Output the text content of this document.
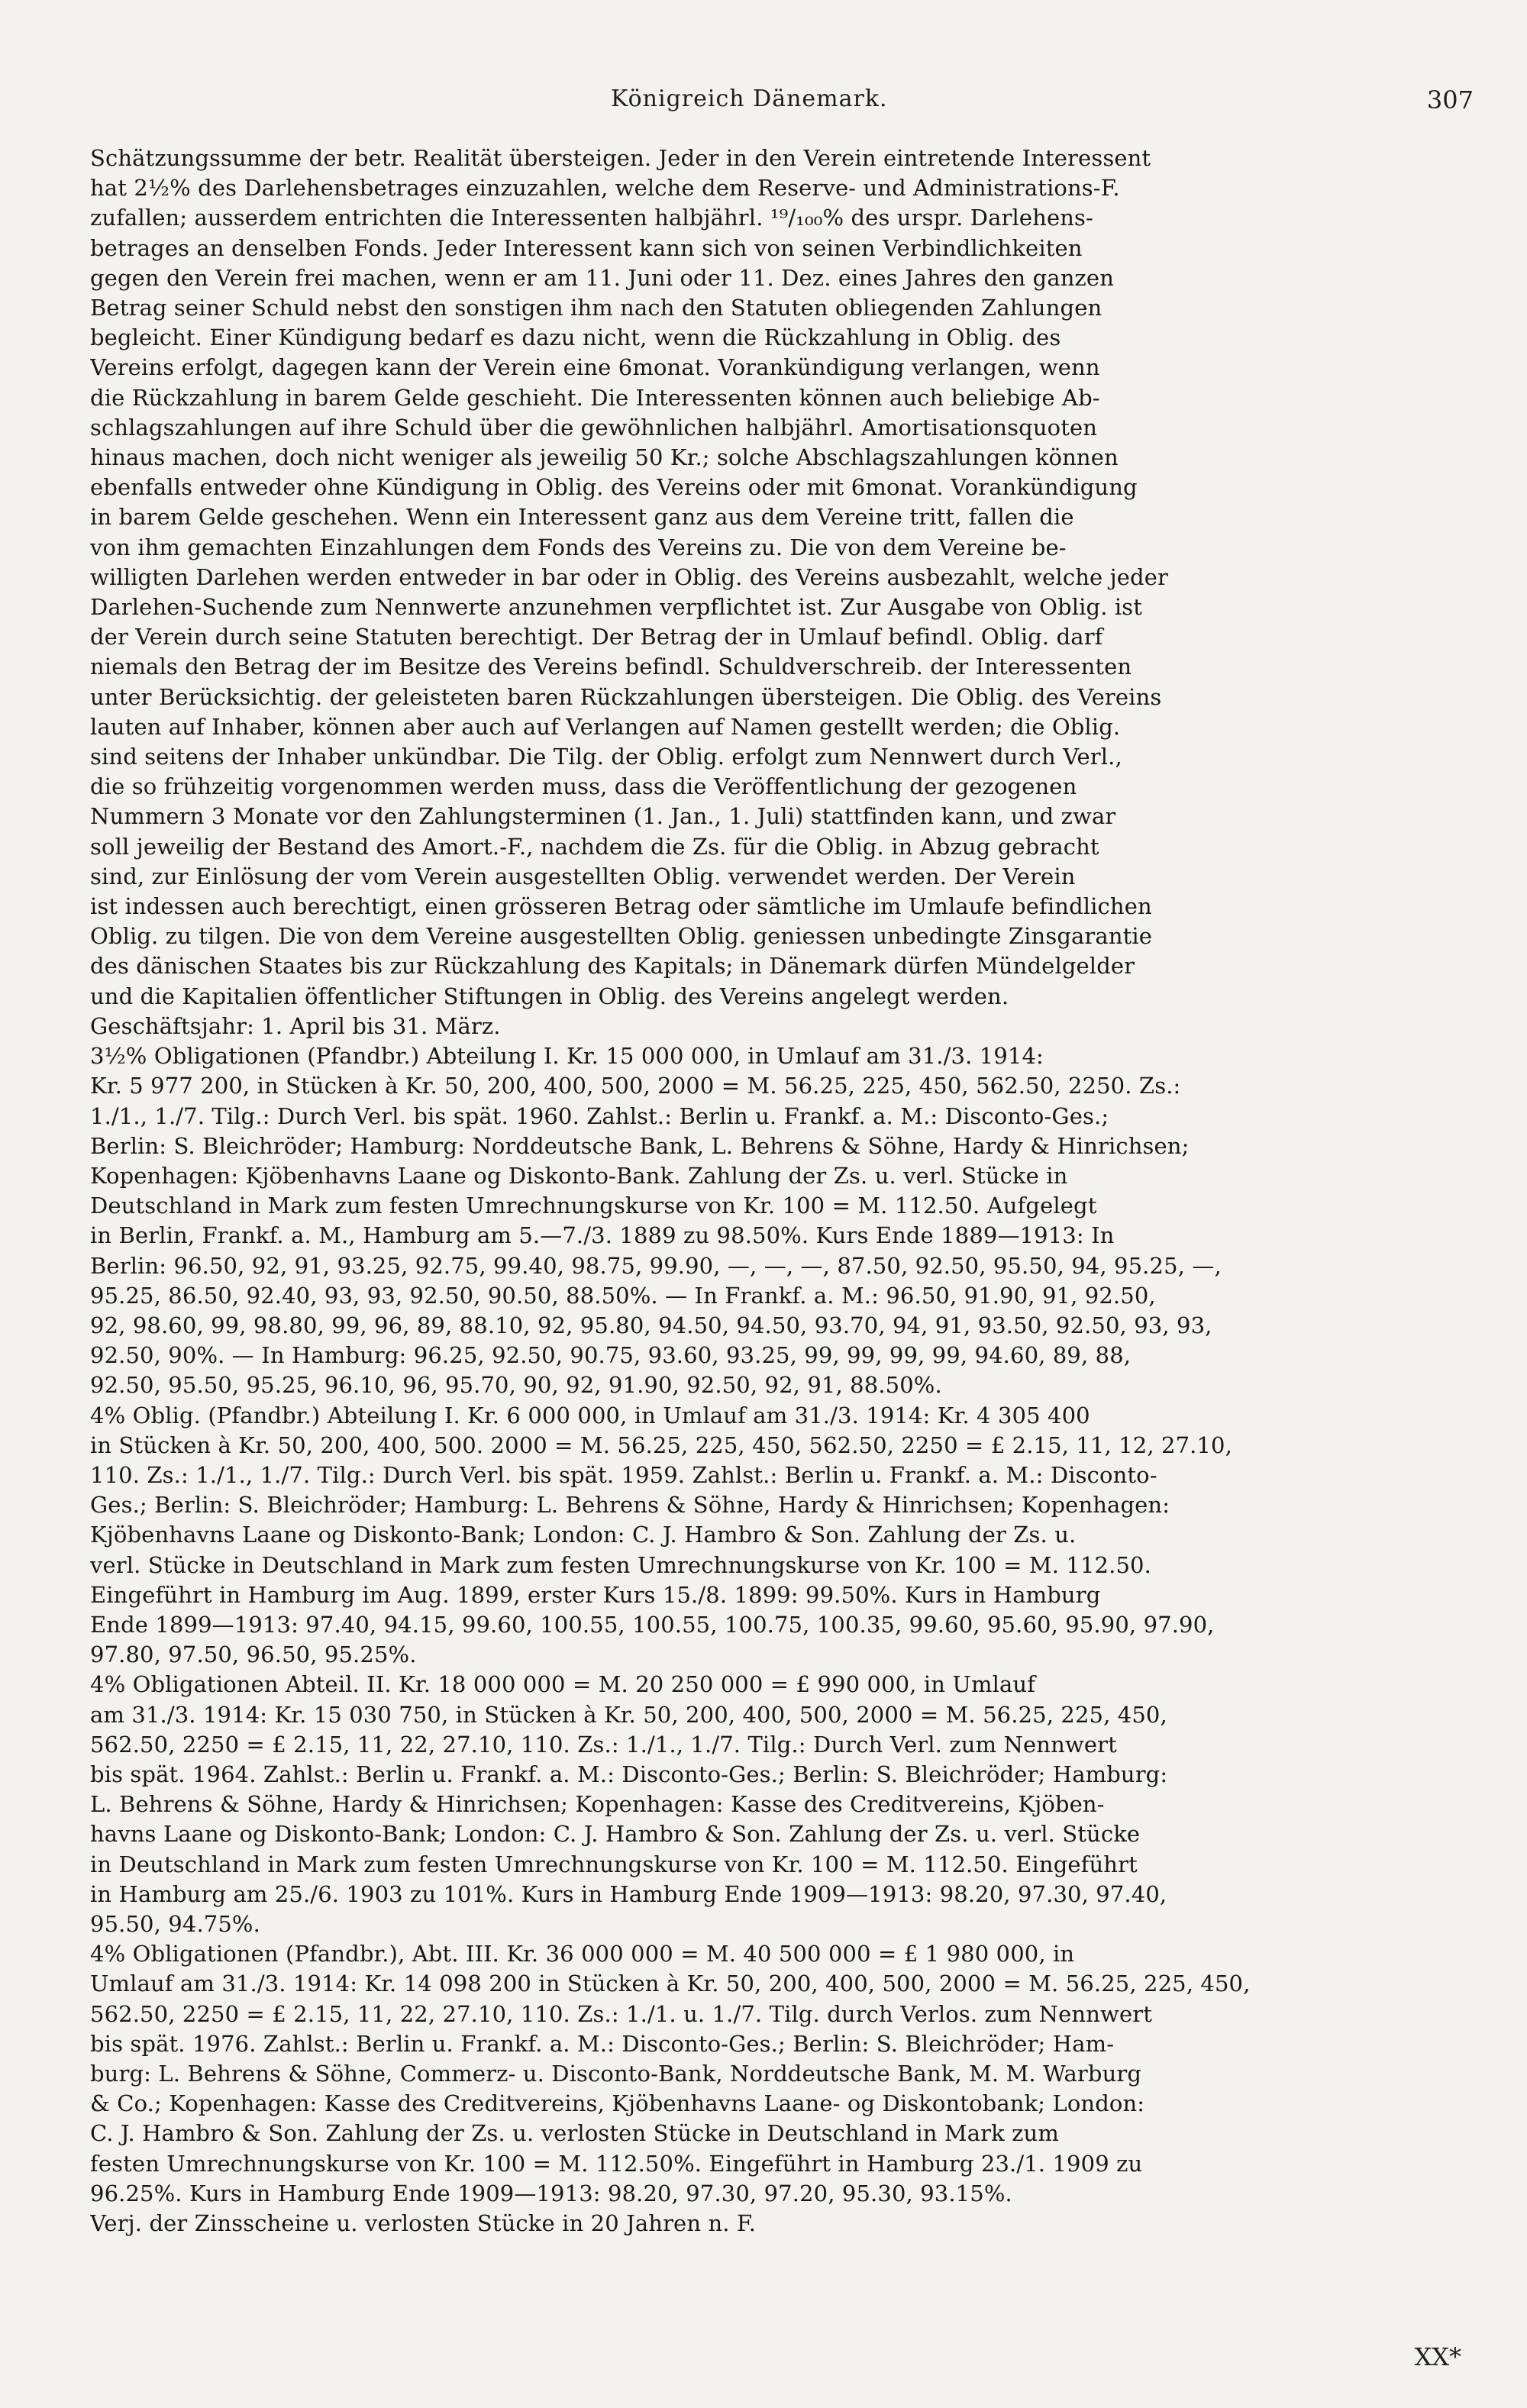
Königreich Dänemark.	307
Schätzungssumme der betr. Realität übersteigen. Jeder in den Verein eintretende Interessent
hat 2½% des Darlehensbetrages einzuzahlen, welche dem Reserve- und Administrations-F.
zufallen; ausserdem entrichten die Interessenten halbjährl. ¹⁹/₁₀₀% des urspr. Darlehens-
betrages an denselben Fonds. Jeder Interessent kann sich von seinen Verbindlichkeiten
gegen den Verein frei machen, wenn er am 11. Juni oder 11. Dez. eines Jahres den ganzen
Betrag seiner Schuld nebst den sonstigen ihm nach den Statuten obliegenden Zahlungen
begleicht. Einer Kündigung bedarf es dazu nicht, wenn die Rückzahlung in Oblig. des
Vereins erfolgt, dagegen kann der Verein eine 6monat. Vorankündigung verlangen, wenn
die Rückzahlung in barem Gelde geschieht. Die Interessenten können auch beliebige Ab-
schlagszahlungen auf ihre Schuld über die gewöhnlichen halbjährl. Amortisationsquoten
hinaus machen, doch nicht weniger als jeweilig 50 Kr.; solche Abschlagszahlungen können
ebenfalls entweder ohne Kündigung in Oblig. des Vereins oder mit 6monat. Vorankündigung
in barem Gelde geschehen. Wenn ein Interessent ganz aus dem Vereine tritt, fallen die
von ihm gemachten Einzahlungen dem Fonds des Vereins zu. Die von dem Vereine be-
willigten Darlehen werden entweder in bar oder in Oblig. des Vereins ausbezahlt, welche jeder
Darlehen-Suchende zum Nennwerte anzunehmen verpflichtet ist. Zur Ausgabe von Oblig. ist
der Verein durch seine Statuten berechtigt. Der Betrag der in Umlauf befindl. Oblig. darf
niemals den Betrag der im Besitze des Vereins befindl. Schuldverschreib. der Interessenten
unter Berücksichtig. der geleisteten baren Rückzahlungen übersteigen. Die Oblig. des Vereins
lauten auf Inhaber, können aber auch auf Verlangen auf Namen gestellt werden; die Oblig.
sind seitens der Inhaber unkündbar. Die Tilg. der Oblig. erfolgt zum Nennwert durch Verl.,
die so frühzeitig vorgenommen werden muss, dass die Veröffentlichung der gezogenen
Nummern 3 Monate vor den Zahlungsterminen (1. Jan., 1. Juli) stattfinden kann, und zwar
soll jeweilig der Bestand des Amort.-F., nachdem die Zs. für die Oblig. in Abzug gebracht
sind, zur Einlösung der vom Verein ausgestellten Oblig. verwendet werden. Der Verein
ist indessen auch berechtigt, einen grösseren Betrag oder sämtliche im Umlaufe befindlichen
Oblig. zu tilgen. Die von dem Vereine ausgestellten Oblig. geniessen unbedingte Zinsgarantie
des dänischen Staates bis zur Rückzahlung des Kapitals; in Dänemark dürfen Mündelgelder
und die Kapitalien öffentlicher Stiftungen in Oblig. des Vereins angelegt werden.
Geschäftsjahr: 1. April bis 31. März.
3½% Obligationen (Pfandbr.) Abteilung I. Kr. 15 000 000, in Umlauf am 31./3. 1914:
Kr. 5 977 200, in Stücken à Kr. 50, 200, 400, 500, 2000 = M. 56.25, 225, 450, 562.50, 2250. Zs.:
1./1., 1./7. Tilg.: Durch Verl. bis spät. 1960. Zahlst.: Berlin u. Frankf. a. M.: Disconto-Ges.;
Berlin: S. Bleichröder; Hamburg: Norddeutsche Bank, L. Behrens & Söhne, Hardy & Hinrichsen;
Kopenhagen: Kjöbenhavns Laane og Diskonto-Bank. Zahlung der Zs. u. verl. Stücke in
Deutschland in Mark zum festen Umrechnungskurse von Kr. 100 = M. 112.50. Aufgelegt
in Berlin, Frankf. a. M., Hamburg am 5.—7./3. 1889 zu 98.50%. Kurs Ende 1889—1913: In
Berlin: 96.50, 92, 91, 93.25, 92.75, 99.40, 98.75, 99.90, —, —, —, 87.50, 92.50, 95.50, 94, 95.25, —,
95.25, 86.50, 92.40, 93, 93, 92.50, 90.50, 88.50%. — In Frankf. a. M.: 96.50, 91.90, 91, 92.50,
92, 98.60, 99, 98.80, 99, 96, 89, 88.10, 92, 95.80, 94.50, 94.50, 93.70, 94, 91, 93.50, 92.50, 93, 93,
92.50, 90%. — In Hamburg: 96.25, 92.50, 90.75, 93.60, 93.25, 99, 99, 99, 99, 94.60, 89, 88,
92.50, 95.50, 95.25, 96.10, 96, 95.70, 90, 92, 91.90, 92.50, 92, 91, 88.50%.
4% Oblig. (Pfandbr.) Abteilung I. Kr. 6 000 000, in Umlauf am 31./3. 1914: Kr. 4 305 400
in Stücken à Kr. 50, 200, 400, 500. 2000 = M. 56.25, 225, 450, 562.50, 2250 = £ 2.15, 11, 12, 27.10,
110. Zs.: 1./1., 1./7. Tilg.: Durch Verl. bis spät. 1959. Zahlst.: Berlin u. Frankf. a. M.: Disconto-
Ges.; Berlin: S. Bleichröder; Hamburg: L. Behrens & Söhne, Hardy & Hinrichsen; Kopenhagen:
Kjöbenhavns Laane og Diskonto-Bank; London: C. J. Hambro & Son. Zahlung der Zs. u.
verl. Stücke in Deutschland in Mark zum festen Umrechnungskurse von Kr. 100 = M. 112.50.
Eingeführt in Hamburg im Aug. 1899, erster Kurs 15./8. 1899: 99.50%. Kurs in Hamburg
Ende 1899—1913: 97.40, 94.15, 99.60, 100.55, 100.55, 100.75, 100.35, 99.60, 95.60, 95.90, 97.90,
97.80, 97.50, 96.50, 95.25%.
4% Obligationen Abteil. II. Kr. 18 000 000 = M. 20 250 000 = £ 990 000, in Umlauf
am 31./3. 1914: Kr. 15 030 750, in Stücken à Kr. 50, 200, 400, 500, 2000 = M. 56.25, 225, 450,
562.50, 2250 = £ 2.15, 11, 22, 27.10, 110. Zs.: 1./1., 1./7. Tilg.: Durch Verl. zum Nennwert
bis spät. 1964. Zahlst.: Berlin u. Frankf. a. M.: Disconto-Ges.; Berlin: S. Bleichröder; Hamburg:
L. Behrens & Söhne, Hardy & Hinrichsen; Kopenhagen: Kasse des Creditvereins, Kjöben-
havns Laane og Diskonto-Bank; London: C. J. Hambro & Son. Zahlung der Zs. u. verl. Stücke
in Deutschland in Mark zum festen Umrechnungskurse von Kr. 100 = M. 112.50. Eingeführt
in Hamburg am 25./6. 1903 zu 101%. Kurs in Hamburg Ende 1909—1913: 98.20, 97.30, 97.40,
95.50, 94.75%.
4% Obligationen (Pfandbr.), Abt. III. Kr. 36 000 000 = M. 40 500 000 = £ 1 980 000, in
Umlauf am 31./3. 1914: Kr. 14 098 200 in Stücken à Kr. 50, 200, 400, 500, 2000 = M. 56.25, 225, 450,
562.50, 2250 = £ 2.15, 11, 22, 27.10, 110. Zs.: 1./1. u. 1./7. Tilg. durch Verlos. zum Nennwert
bis spät. 1976. Zahlst.: Berlin u. Frankf. a. M.: Disconto-Ges.; Berlin: S. Bleichröder; Ham-
burg: L. Behrens & Söhne, Commerz- u. Disconto-Bank, Norddeutsche Bank, M. M. Warburg
& Co.; Kopenhagen: Kasse des Creditvereins, Kjöbenhavns Laane- og Diskontobank; London:
C. J. Hambro & Son. Zahlung der Zs. u. verlosten Stücke in Deutschland in Mark zum
festen Umrechnungskurse von Kr. 100 = M. 112.50%. Eingeführt in Hamburg 23./1. 1909 zu
96.25%. Kurs in Hamburg Ende 1909—1913: 98.20, 97.30, 97.20, 95.30, 93.15%.
Verj. der Zinsscheine u. verlosten Stücke in 20 Jahren n. F.
XX*
